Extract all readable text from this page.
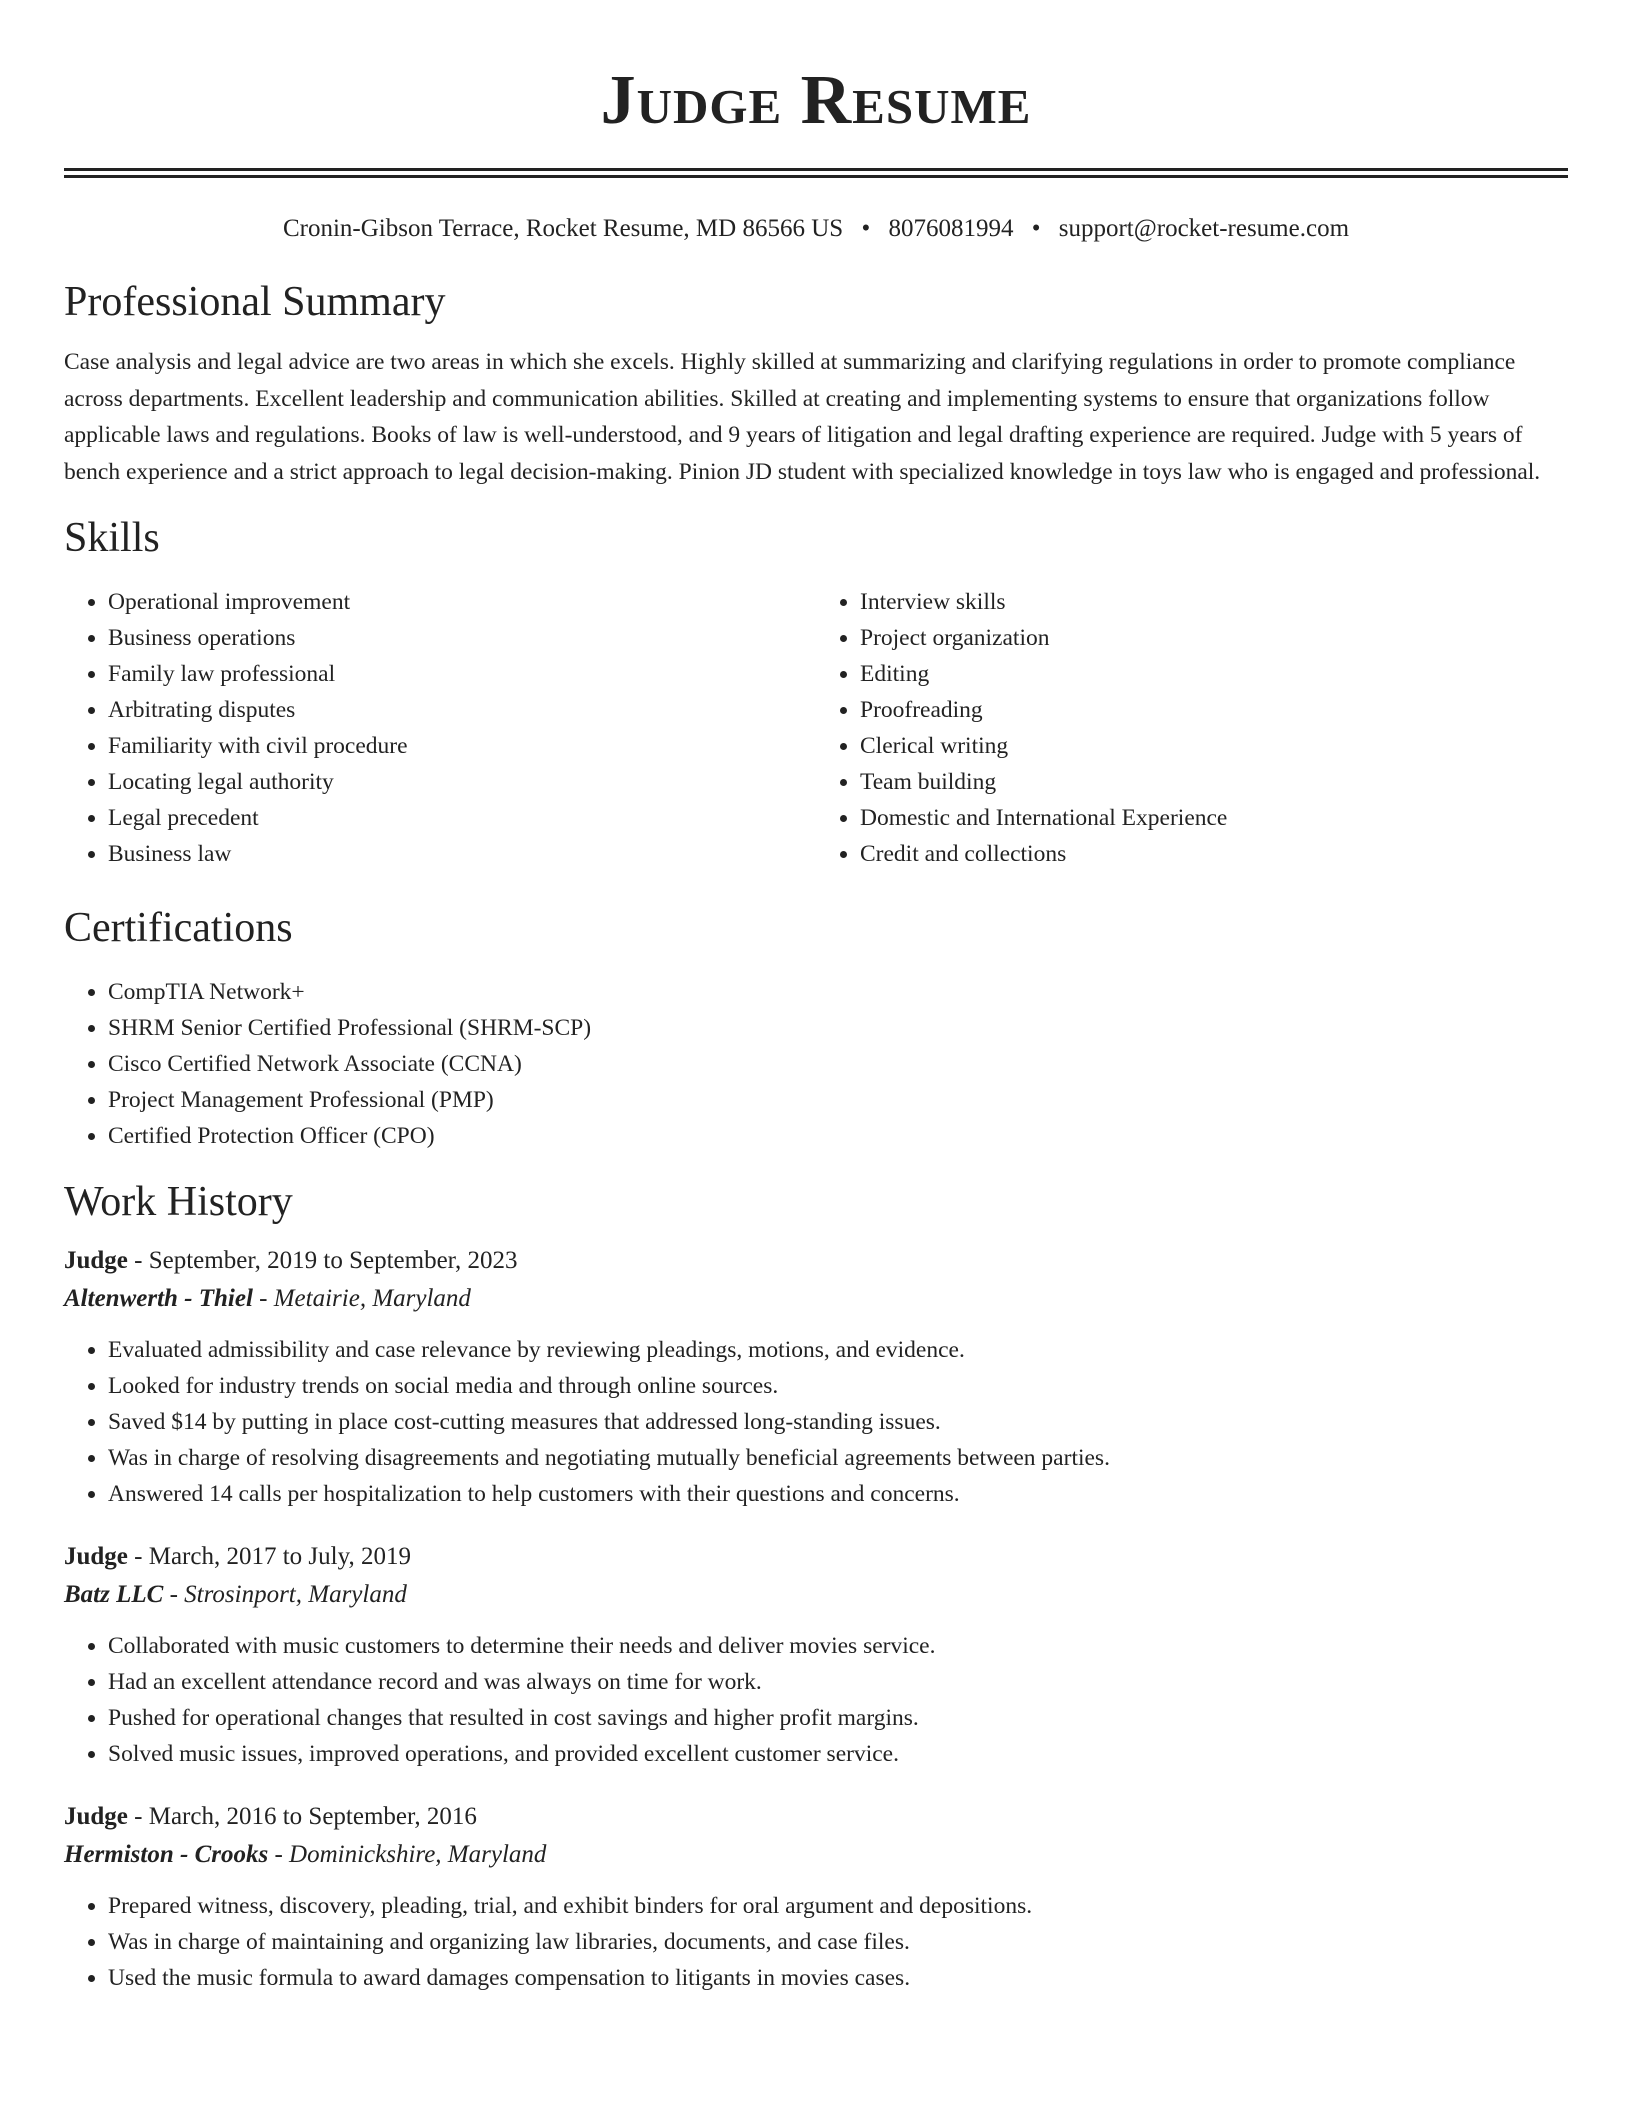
Judge Resume
Cronin-Gibson Terrace, Rocket Resume, MD 86566 US • 8076081994 • support@rocket-resume.com
Professional Summary

Case analysis and legal advice are two areas in which she excels. Highly skilled at summarizing and clarifying regulations in order to promote compliance across departments. Excellent leadership and communication abilities. Skilled at creating and implementing systems to ensure that organizations follow applicable laws and regulations. Books of law is well-understood, and 9 years of litigation and legal drafting experience are required. Judge with 5 years of bench experience and a strict approach to legal decision-making. Pinion JD student with specialized knowledge in toys law who is engaged and professional.

Skills
• Operational improvement
• Business operations
• Family law professional
• Arbitrating disputes
• Familiarity with civil procedure
• Locating legal authority
• Legal precedent
• Business law
• Interview skills
• Project organization
• Editing
• Proofreading
• Clerical writing
• Team building
• Domestic and International Experience
• Credit and collections
Certifications
• CompTIA Network+
• SHRM Senior Certified Professional (SHRM-SCP)
• Cisco Certified Network Associate (CCNA)
• Project Management Professional (PMP)
• Certified Protection Officer (CPO)
Work History
Judge - September, 2019 to September, 2023
Altenwerth - Thiel - Metairie, Maryland
• Evaluated admissibility and case relevance by reviewing pleadings, motions, and evidence.
• Looked for industry trends on social media and through online sources.
• Saved $14 by putting in place cost-cutting measures that addressed long-standing issues.
• Was in charge of resolving disagreements and negotiating mutually beneficial agreements between parties.
• Answered 14 calls per hospitalization to help customers with their questions and concerns.
Judge - March, 2017 to July, 2019
Batz LLC - Strosinport, Maryland
• Collaborated with music customers to determine their needs and deliver movies service.
• Had an excellent attendance record and was always on time for work.
• Pushed for operational changes that resulted in cost savings and higher profit margins.
• Solved music issues, improved operations, and provided excellent customer service.
Judge - March, 2016 to September, 2016
Hermiston - Crooks - Dominickshire, Maryland
• Prepared witness, discovery, pleading, trial, and exhibit binders for oral argument and depositions.
• Was in charge of maintaining and organizing law libraries, documents, and case files.
• Used the music formula to award damages compensation to litigants in movies cases.
